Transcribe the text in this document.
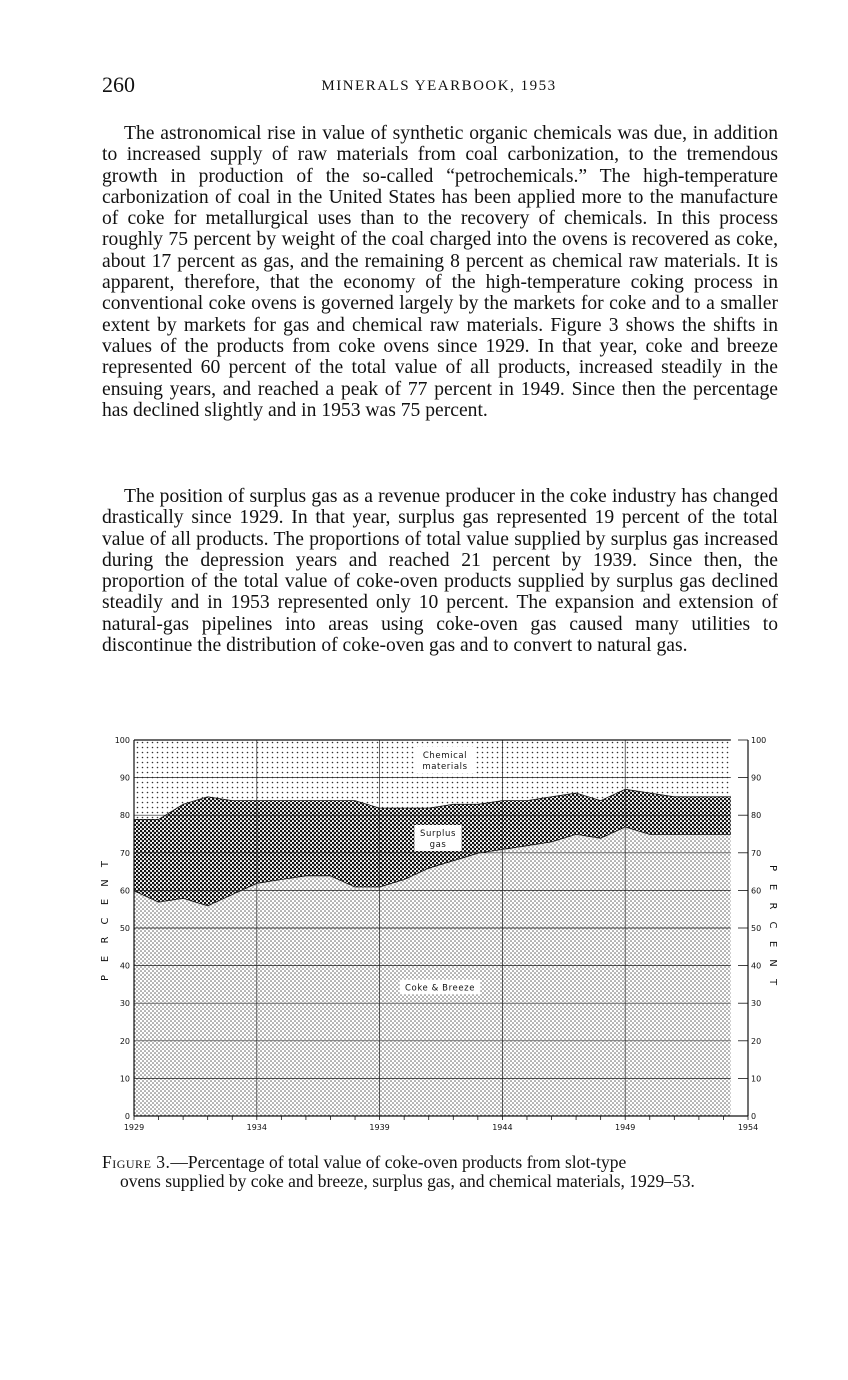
260	MINERALS YEARBOOK, 1953

The astronomical rise in value of synthetic organic chemicals was due, in addition to increased supply of raw materials from coal carbonization, to the tremendous growth in production of the so-called “petrochemicals.” The high-temperature carbonization of coal in the United States has been applied more to the manufacture of coke for metallurgical uses than to the recovery of chemicals. In this process roughly 75 percent by weight of the coal charged into the ovens is recovered as coke, about 17 percent as gas, and the remaining 8 percent as chemical raw materials. It is apparent, therefore, that the economy of the high-temperature coking process in conventional coke ovens is governed largely by the markets for coke and to a smaller extent by markets for gas and chemical raw materials. Figure 3 shows the shifts in values of the products from coke ovens since 1929. In that year, coke and breeze represented 60 percent of the total value of all products, increased steadily in the ensuing years, and reached a peak of 77 percent in 1949. Since then the percentage has declined slightly and in 1953 was 75 percent.

The position of surplus gas as a revenue producer in the coke industry has changed drastically since 1929. In that year, surplus gas represented 19 percent of the total value of all products. The proportions of total value supplied by surplus gas increased during the depression years and reached 21 percent by 1939. Since then, the proportion of the total value of coke-oven products supplied by surplus gas declined steadily and in 1953 represented only 10 percent. The expansion and extension of natural-gas pipelines into areas using coke-oven gas caused many utilities to discontinue the distribution of coke-oven gas and to convert to natural gas.

0
10
20
30
40
50
60
70
80
90
100
0
10
20
30
40
50
60
70
80
90
100
1929	1934	1939	1944	1949	1954
P
E
R
C
E
N
T
P
E
R
C
E
N
T
Chemical
materials
Surplus
gas
Coke & Breeze
Figure 3.—Percentage of total value of coke-oven products from slot-type
ovens supplied by coke and breeze, surplus gas, and chemical materials, 1929–53.
